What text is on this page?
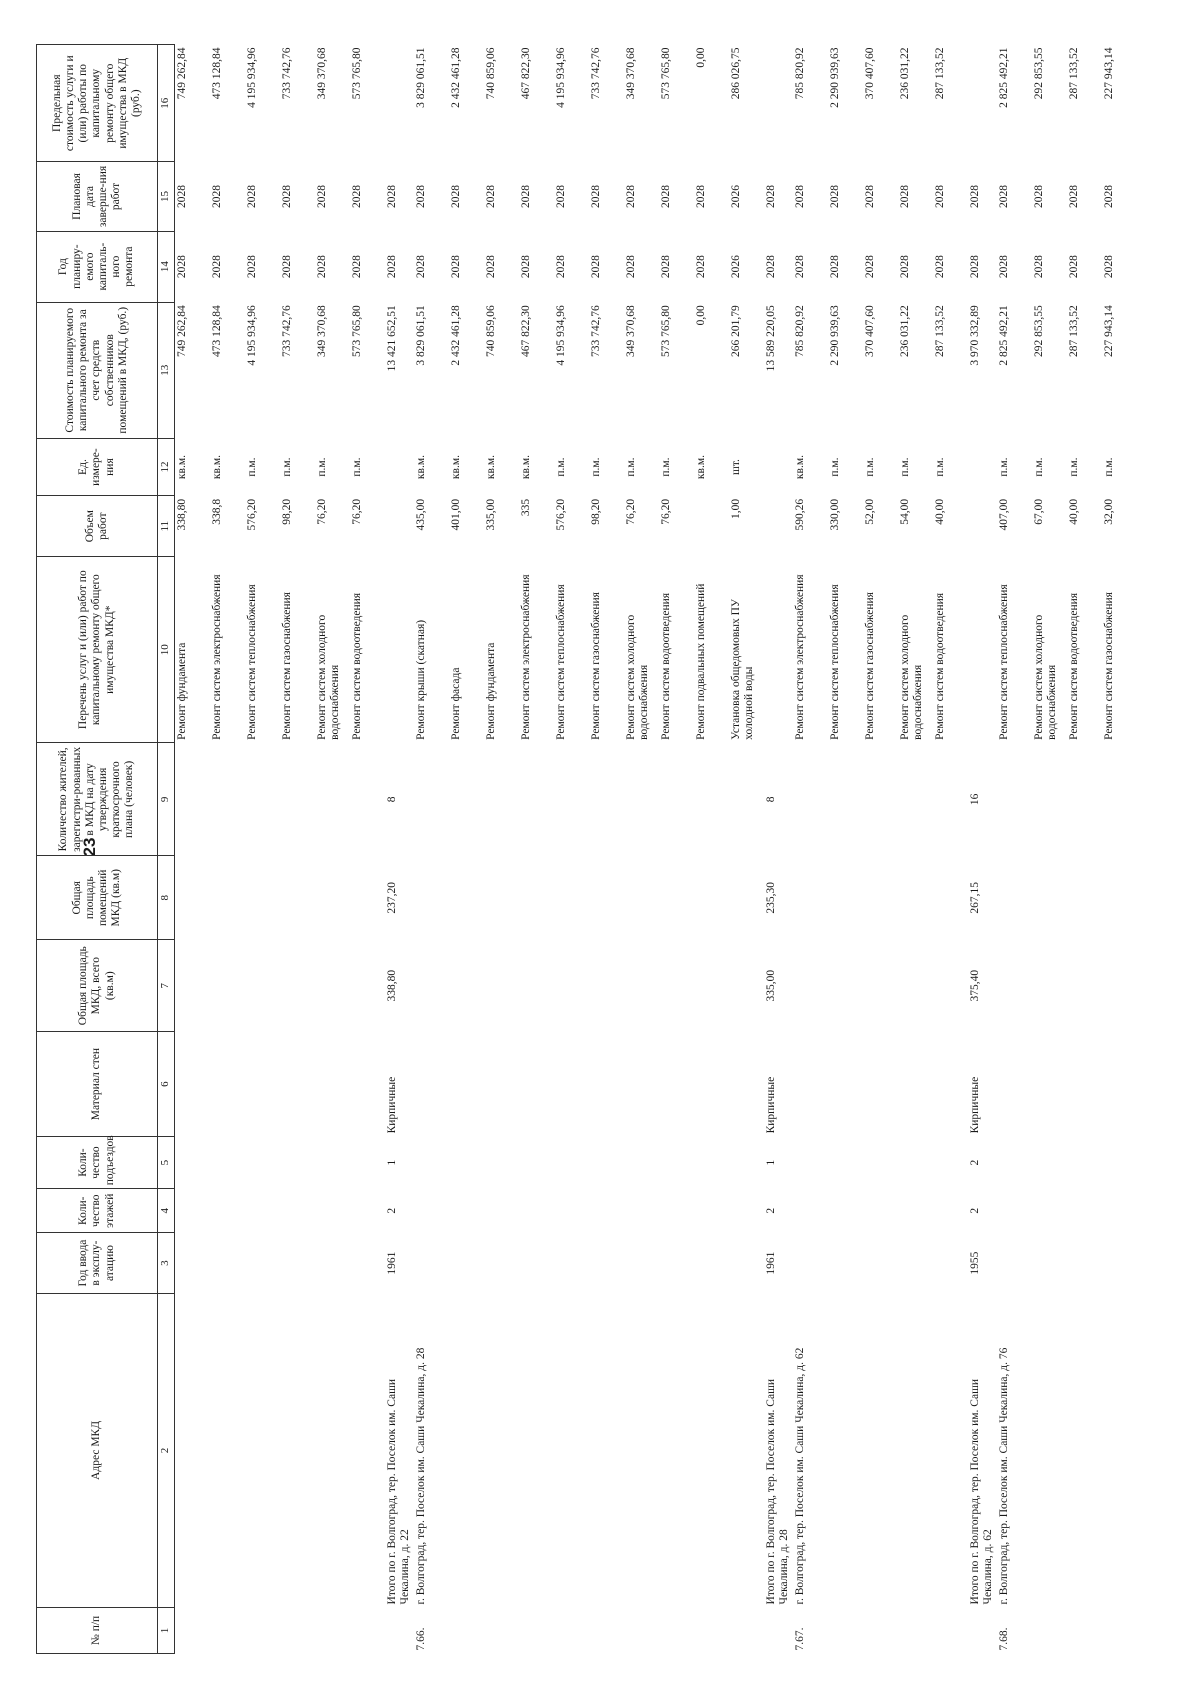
23
№ п/п	Адрес МКД	Год ввода в эксплу-атацию	Коли-чество этажей	Коли-чество подъездов	Материал стен	Общая площадь МКД, всего (кв.м)	Общая площадь помещений МКД (кв.м)	Количество жителей, зарегистри-рованных в МКД на дату утверждения краткосрочного плана (человек)	Перечень услуг и (или) работ по капитальному ремонту общего имущества МКД*	Объем работ	Ед. измере-ния	Стоимость планируемого капитального ремонта за счет средств собственников помещений в МКД, (руб.)	Год планиру-емого капиталь-ного ремонта	Плановая дата заверше-ния работ	Предельная стоимость услуги и (или) работы по капитальному ремонту общего имущества в МКД (руб.)
1	2	3	4	5	6	7	8	9	10	11	12	13	14	15	16
									Ремонт фундамента	338,80	кв.м.	749 262,84	2028	2028	749 262,84
									Ремонт систем электроснабжения	338,8	кв.м.	473 128,84	2028	2028	473 128,84
									Ремонт систем теплоснабжения	576,20	п.м.	4 195 934,96	2028	2028	4 195 934,96
									Ремонт систем газоснабжения	98,20	п.м.	733 742,76	2028	2028	733 742,76
									Ремонт систем холодного водоснабжения	76,20	п.м.	349 370,68	2028	2028	349 370,68
									Ремонт систем водоотведения	76,20	п.м.	573 765,80	2028	2028	573 765,80
	Итого по г. Волгоград, тер. Поселок им. Саши Чекалина, д. 22	1961	2	1	Кирпичные	338,80	237,20	8				13 421 652,51	2028	2028	
7.66.	г. Волгоград, тер. Поселок им. Саши Чекалина, д. 28								Ремонт крыши (скатная)	435,00	кв.м.	3 829 061,51	2028	2028	3 829 061,51
									Ремонт фасада	401,00	кв.м.	2 432 461,28	2028	2028	2 432 461,28
									Ремонт фундамента	335,00	кв.м.	740 859,06	2028	2028	740 859,06
									Ремонт систем электроснабжения	335	кв.м.	467 822,30	2028	2028	467 822,30
									Ремонт систем теплоснабжения	576,20	п.м.	4 195 934,96	2028	2028	4 195 934,96
									Ремонт систем газоснабжения	98,20	п.м.	733 742,76	2028	2028	733 742,76
									Ремонт систем холодного водоснабжения	76,20	п.м.	349 370,68	2028	2028	349 370,68
									Ремонт систем водоотведения	76,20	п.м.	573 765,80	2028	2028	573 765,80
									Ремонт подвальных помещений		кв.м.	0,00	2028	2028	0,00
									Установка общедомовых ПУ холодной воды	1,00	шт.	266 201,79	2026	2026	286 026,75
	Итого по г. Волгоград, тер. Поселок им. Саши Чекалина, д. 28	1961	2	1	Кирпичные	335,00	235,30	8				13 589 220,05	2028	2028	
7.67.	г. Волгоград, тер. Поселок им. Саши Чекалина, д. 62								Ремонт систем электроснабжения	590,26	кв.м.	785 820,92	2028	2028	785 820,92
									Ремонт систем теплоснабжения	330,00	п.м.	2 290 939,63	2028	2028	2 290 939,63
									Ремонт систем газоснабжения	52,00	п.м.	370 407,60	2028	2028	370 407,60
									Ремонт систем холодного водоснабжения	54,00	п.м.	236 031,22	2028	2028	236 031,22
									Ремонт систем водоотведения	40,00	п.м.	287 133,52	2028	2028	287 133,52
	Итого по г. Волгоград, тер. Поселок им. Саши Чекалина, д. 62	1955	2	2	Кирпичные	375,40	267,15	16				3 970 332,89	2028	2028	
7.68.	г. Волгоград, тер. Поселок им. Саши Чекалина, д. 76								Ремонт систем теплоснабжения	407,00	п.м.	2 825 492,21	2028	2028	2 825 492,21
									Ремонт систем холодного водоснабжения	67,00	п.м.	292 853,55	2028	2028	292 853,55
									Ремонт систем водоотведения	40,00	п.м.	287 133,52	2028	2028	287 133,52
									Ремонт систем газоснабжения	32,00	п.м.	227 943,14	2028	2028	227 943,14
